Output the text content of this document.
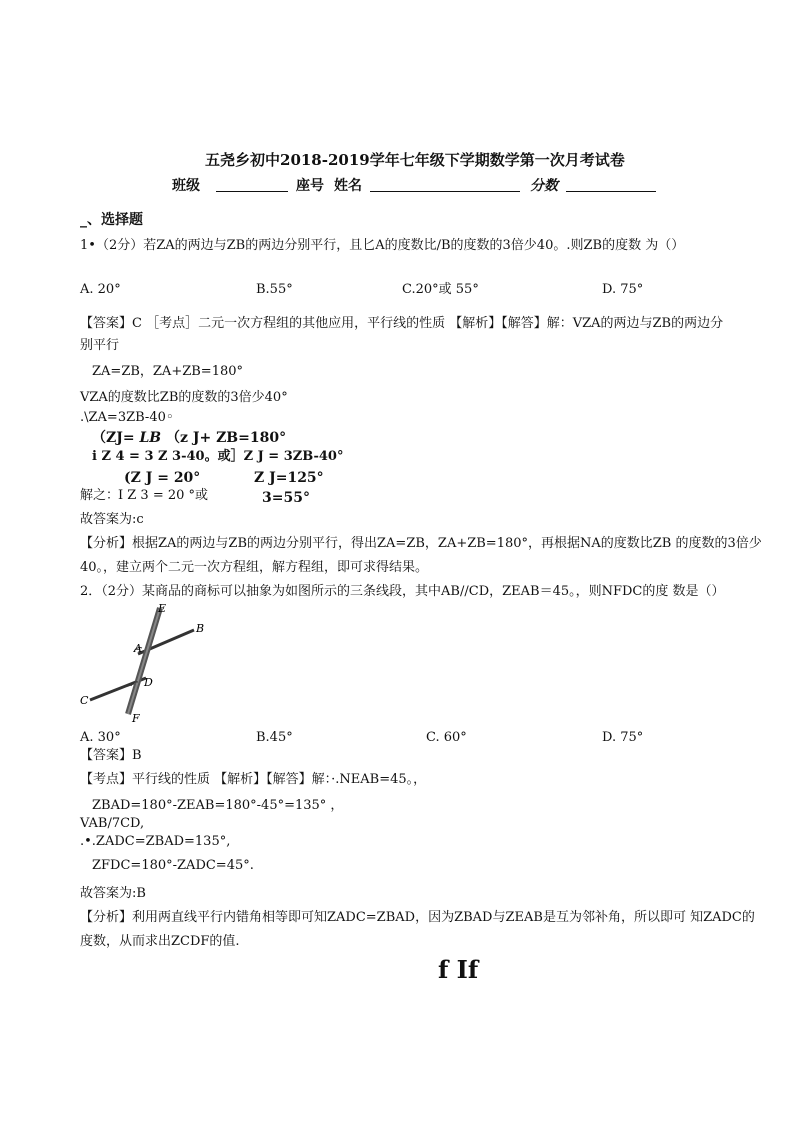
五尧乡初中2018-2019学年七年级下学期数学第一次月考试卷
班级	座号 姓名	分数
_、选择题
1•（2分）若ZA的两边与ZB的两边分别平行，且匕A的度数比/B的度数的3倍少40。.则ZB的度数 为（）
A. 20°	B.55°	C.20°或 55°	D. 75°
【答案】C ［考点］二元一次方程组的其他应用，平行线的性质 【解析】【解答】解：VZA的两边与ZB的两边分
别平行
ZA=ZB，ZA+ZB=180°
VZA的度数比ZB的度数的3倍少40°
.\ZA=3ZB-40◦
（ZJ= LB （z J+ ZB=180°
i Z 4 = 3 Z 3-40。或］Z J = 3ZB-40°
(Z J = 20°	Z J=125°
解之：
I Z 3 = 20 °或	3=55°
故答案为:c
【分析】根据ZA的两边与ZB的两边分别平行，得出ZA=ZB，ZA+ZB=180°，再根据NA的度数比ZB 的度数的3倍少
40。，建立两个二元一次方程组，解方程组，即可求得结果。
2．（2分）某商品的商标可以抽象为如图所示的三条线段，其中AB//CD，ZEAB＝45。，则NFDC的度 数是（）
E
B
A
D
C
F
A. 30°	B.45°	C. 60°	D. 75°
【答案】B
【考点】平行线的性质 【解析】【解答】解：·.NEAB=45。，
ZBAD=180°-ZEAB=180°-45°=135° ，
VAB/7CD,
.•.ZADC=ZBAD=135°,
ZFDC=180°-ZADC=45°.
故答案为:B
【分析】利用两直线平行内错角相等即可知ZADC=ZBAD，因为ZBAD与ZEAB是互为邻补角，所以即可 知ZADC的
度数，从而求出ZCDF的值.
f If
